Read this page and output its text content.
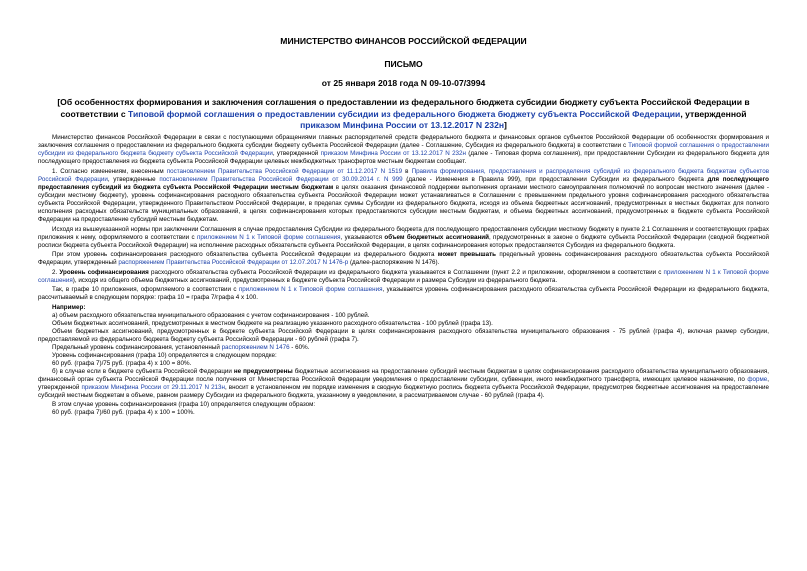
МИНИСТЕРСТВО ФИНАНСОВ РОССИЙСКОЙ ФЕДЕРАЦИИ
ПИСЬМО
от 25 января 2018 года N 09-10-07/3994
[Об особенностях формирования и заключения соглашения о предоставлении из федерального бюджета субсидии бюджету субъекта Российской Федерации в соответствии с Типовой формой соглашения о предоставлении субсидии из федерального бюджета бюджету субъекта Российской Федерации, утвержденной приказом Минфина России от 13.12.2017 N 232н]

Министерство финансов Российской Федерации в связи с поступающими обращениями главных распорядителей средств федерального бюджета и финансовых органов субъектов Российской Федерации об особенностях формирования и заключения соглашения о предоставлении из федерального бюджета субсидии бюджету субъекта Российской Федерации (далее - Соглашение, Субсидия из федерального бюджета) в соответствии с Типовой формой соглашения о предоставлении субсидии из федерального бюджета бюджету субъекта Российской Федерации, утвержденной приказом Минфина России от 13.12.2017 N 232н (далее - Типовая форма соглашения), при предоставлении Субсидии из федерального бюджета для последующего предоставления из бюджета субъекта Российской Федерации целевых межбюджетных трансфертов местным бюджетам сообщает.

1. Согласно изменениям, внесенным постановлением Правительства Российской Федерации от 11.12.2017 N 1519 в Правила формирования, предоставления и распределения субсидий из федерального бюджета бюджетам субъектов Российской Федерации, утвержденные постановлением Правительства Российской Федерации от 30.09.2014 г. N 999 (далее - Изменения в Правила 999), при предоставлении Субсидии из федерального бюджета для последующего предоставления субсидий из бюджета субъекта Российской Федерации местным бюджетам в целях оказания финансовой поддержки выполнения органами местного самоуправления полномочий по вопросам местного значения (далее - субсидии местному бюджету), уровень софинансирования расходного обязательства субъекта Российской Федерации может устанавливаться в Соглашении с превышением предельного уровня софинансирования расходного обязательства субъекта Российской Федерации, утвержденного Правительством Российской Федерации, в пределах суммы Субсидии из федерального бюджета, исходя из объема бюджетных ассигнований, предусмотренных в местных бюджетах для полного исполнения расходных обязательств муниципальных образований, в целях софинансирования которых предоставляются субсидии местным бюджетам, и объема бюджетных ассигнований, предусмотренных в бюджете субъекта Российской Федерации на предоставление субсидий местным бюджетам.

Исходя из вышеуказанной нормы при заключении Соглашения в случае предоставления Субсидии из федерального бюджета для последующего предоставления субсидии местному бюджету в пункте 2.1 Соглашения и соответствующих графах приложения к нему, оформляемого в соответствии с приложением N 1 к Типовой форме соглашения, указываются объем бюджетных ассигнований, предусмотренных в законе о бюджете субъекта Российской Федерации (сводной бюджетной росписи бюджета субъекта Российской Федерации) на исполнение расходных обязательств субъекта Российской Федерации, в целях софинансирования которых предоставляется Субсидия из федерального бюджета.

При этом уровень софинансирования расходного обязательства субъекта Российской Федерации из федерального бюджета может превышать предельный уровень софинансирования расходного обязательства субъекта Российской Федерации, утвержденный распоряжением Правительства Российской Федерации от 12.07.2017 N 1476-р (далее-распоряжение N 1476).

2. Уровень софинансирования расходного обязательства субъекта Российской Федерации из федерального бюджета указывается в Соглашении (пункт 2.2 и приложении, оформляемом в соответствии с приложением N 1 к Типовой форме соглашения), исходя из общего объема бюджетных ассигнований, предусмотренных в бюджете субъекта Российской Федерации и размера Субсидии из федерального бюджета.

Так, в графе 10 приложения, оформляемого в соответствии с приложением N 1 к Типовой форме соглашения, указывается уровень софинансирования расходного обязательства субъекта Российской Федерации из федерального бюджета, рассчитываемый в следующем порядке: графа 10 = графа 7/графа 4 х 100.

Например:

а) объем расходного обязательства муниципального образования с учетом софинансирования - 100 рублей.

Объем бюджетных ассигнований, предусмотренных в местном бюджете на реализацию указанного расходного обязательства - 100 рублей (графа 13).

Объем бюджетных ассигнований, предусмотренных в бюджете субъекта Российской Федерации в целях софинансирования расходного обязательства муниципального образования - 75 рублей (графа 4), включая размер субсидии, предоставляемой из федерального бюджета бюджету субъекта Российской Федерации - 60 рублей (графа 7).

Предельный уровень софинансирования, установленный распоряжением N 1476 - 60%.

Уровень софинансирования (графа 10) определяется в следующем порядке:

60 руб. (графа 7)/75 руб. (графа 4) х 100 = 80%.

б) в случае если в бюджете субъекта Российской Федерации не предусмотрены бюджетные ассигнования на предоставление субсидий местным бюджетам в целях софинансирования расходного обязательства муниципального образования, финансовый орган субъекта Российской Федерации после получения от Министерства Российской Федерации уведомления о предоставлении субсидии, субвенции, иного межбюджетного трансферта, имеющих целевое назначение, по форме, утвержденной приказом Минфина России от 29.11.2017 N 213н, вносит в установленном им порядке изменения в сводную бюджетную роспись бюджета субъекта Российской Федерации, предусмотрев бюджетные ассигнования на предоставление субсидий местным бюджетам в объеме, равном размеру Субсидии из федерального бюджета, указанному в уведомлении, в рассматриваемом случае - 60 рублей (графа 4).

В этом случае уровень софинансирования (графа 10) определяется следующим образом:

60 руб. (графа 7)/60 руб. (графа 4) х 100 = 100%.
